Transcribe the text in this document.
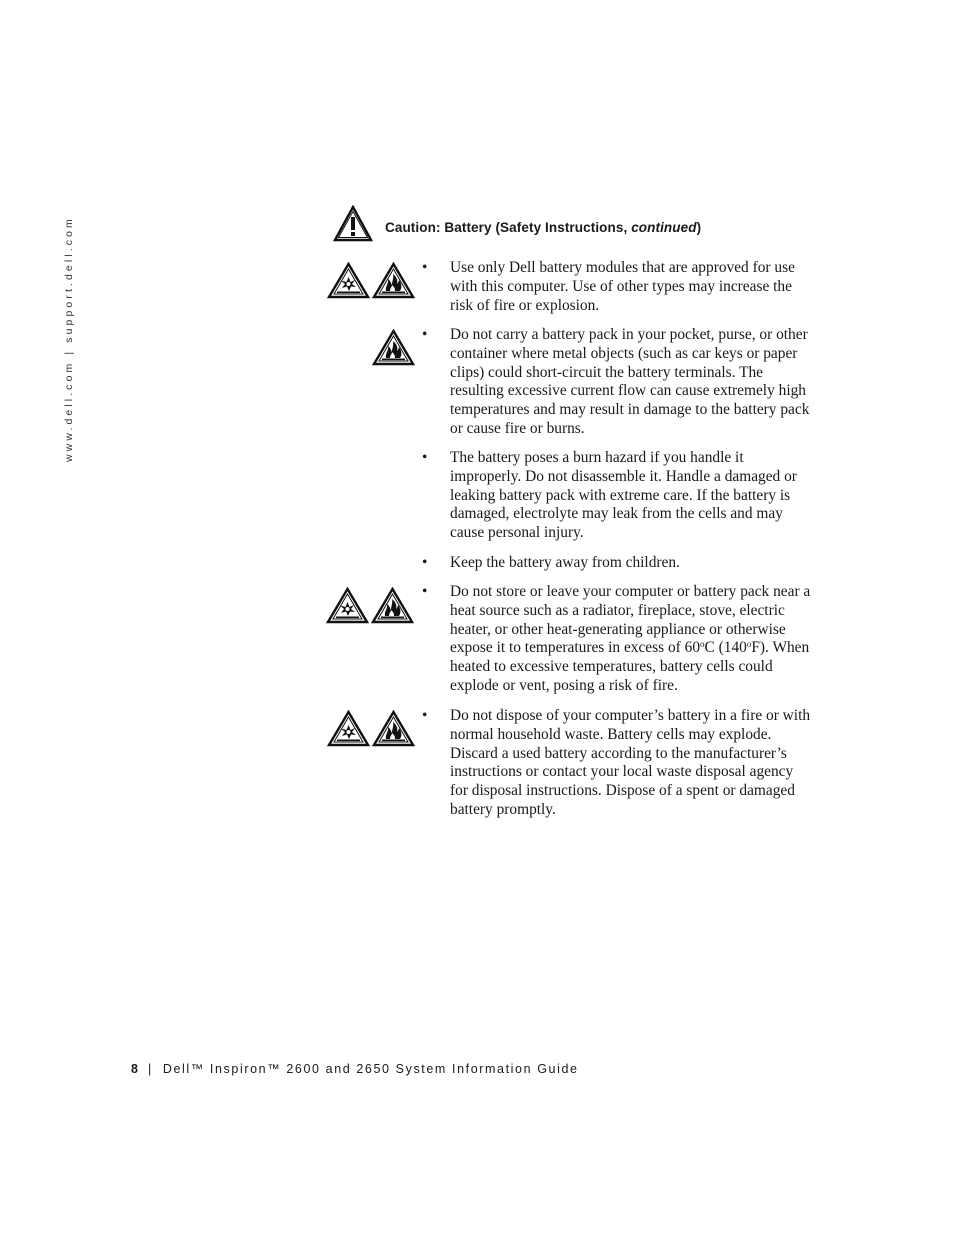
www.dell.com | support.dell.com	Caution: Battery (Safety Instructions, continued)
•	Use only Dell battery modules that are approved for use with this computer. Use of other types may increase the risk of fire or explosion.
•	Do not carry a battery pack in your pocket, purse, or other container where metal objects (such as car keys or paper clips) could short-circuit the battery terminals. The resulting excessive current flow can cause extremely high temperatures and may result in damage to the battery pack or cause fire or burns.
•	The battery poses a burn hazard if you handle it improperly. Do not disassemble it. Handle a damaged or leaking battery pack with extreme care. If the battery is damaged, electrolyte may leak from the cells and may cause personal injury.
•	Keep the battery away from children.
•	Do not store or leave your computer or battery pack near a heat source such as a radiator, fireplace, stove, electric heater, or other heat-generating appliance or otherwise expose it to temperatures in excess of 60$^o$C (140$^o$F). When heated to excessive temperatures, battery cells could explode or vent, posing a risk of fire.
•	Do not dispose of your computer’s battery in a fire or with normal household waste. Battery cells may explode. Discard a used battery according to the manufacturer’s instructions or contact your local waste disposal agency for disposal instructions. Dispose of a spent or damaged battery promptly.
8 | Dell™ Inspiron™ 2600 and 2650 System Information Guide
